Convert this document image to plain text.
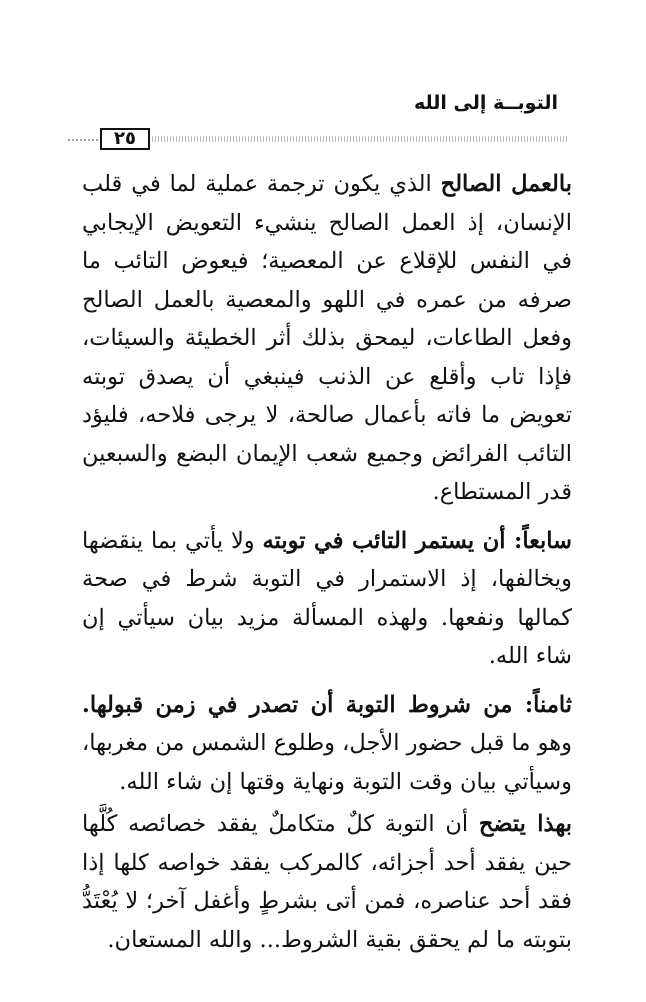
التوبــة إلى الله
٢٥

بالعمل الصالح الذي يكون ترجمة عملية لما في قلب الإنسان، إذ العمل الصالح ينشيء التعويض الإيجابي في النفس للإقلاع عن المعصية؛ فيعوض التائب ما صرفه من عمره في اللهو والمعصية بالعمل الصالح وفعل الطاعات، ليمحق بذلك أثر الخطيئة والسيئات، فإذا تاب وأقلع عن الذنب فينبغي أن يصدق توبته تعويض ما فاته بأعمال صالحة، لا يرجى فلاحه، فليؤد التائب الفرائض وجميع شعب الإيمان البضع والسبعين قدر المستطاع.

سابعاً: أن يستمر التائب في توبته ولا يأتي بما ينقضها ويخالفها، إذ الاستمرار في التوبة شرط في صحة كمالها ونفعها. ولهذه المسألة مزيد بيان سيأتي إن شاء الله.

ثامناً: من شروط التوبة أن تصدر في زمن قبولها. وهو ما قبل حضور الأجل، وطلوع الشمس من مغربها، وسيأتي بيان وقت التوبة ونهاية وقتها إن شاء الله.

بهذا يتضح أن التوبة كلٌ متكاملٌ يفقد خصائصه كُلَّها حين يفقد أحد أجزائه، كالمركب يفقد خواصه كلها إذا فقد أحد عناصره، فمن أتى بشرطٍ وأغفل آخر؛ لا يُعْتَدُّ بتوبته ما لم يحقق بقية الشروط... والله المستعان.
